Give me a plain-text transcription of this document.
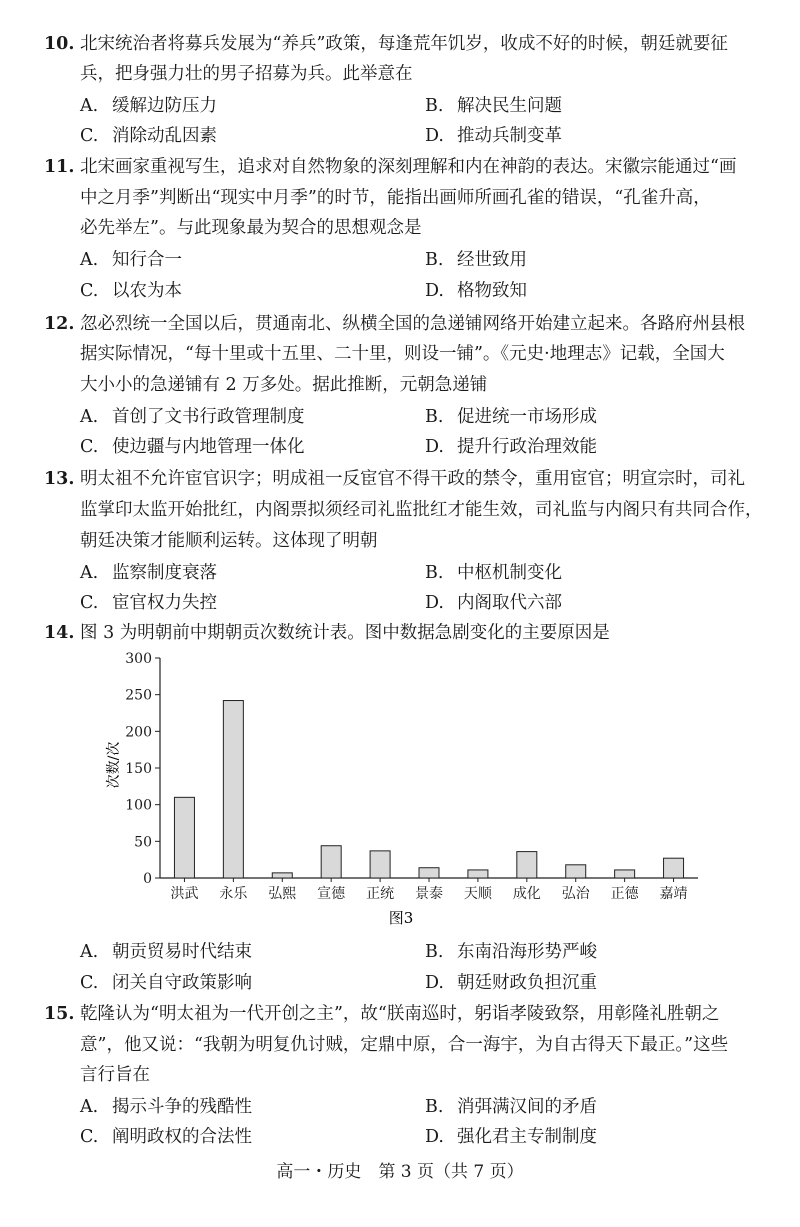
10. 北宋统治者将募兵发展为“养兵”政策，每逢荒年饥岁，收成不好的时候，朝廷就要征
兵，把身强力壮的男子招募为兵。此举意在
A. 缓解边防压力	B. 解决民生问题
C. 消除动乱因素	D. 推动兵制变革
11. 北宋画家重视写生，追求对自然物象的深刻理解和内在神韵的表达。宋徽宗能通过“画
中之月季”判断出“现实中月季”的时节，能指出画师所画孔雀的错误，“孔雀升高，
必先举左”。与此现象最为契合的思想观念是
A. 知行合一	B. 经世致用
C. 以农为本	D. 格物致知
12. 忽必烈统一全国以后，贯通南北、纵横全国的急递铺网络开始建立起来。各路府州县根
据实际情况，“每十里或十五里、二十里，则设一铺”。《元史·地理志》记载，全国大
大小小的急递铺有 2 万多处。据此推断，元朝急递铺
A. 首创了文书行政管理制度	B. 促进统一市场形成
C. 使边疆与内地管理一体化	D. 提升行政治理效能
13. 明太祖不允许宦官识字；明成祖一反宦官不得干政的禁令，重用宦官；明宣宗时，司礼
监掌印太监开始批红，内阁票拟须经司礼监批红才能生效，司礼监与内阁只有共同合作，
朝廷决策才能顺利运转。这体现了明朝
A. 监察制度衰落	B. 中枢机制变化
C. 宦官权力失控	D. 内阁取代六部
14. 图 3 为明朝前中期朝贡次数统计表。图中数据急剧变化的主要原因是
0
50
100
150
200
250
300
洪武 永乐 弘熙 宣德 正统 景泰 天顺 成化 弘治 正德 嘉靖
次数/次
图3
A. 朝贡贸易时代结束	B. 东南沿海形势严峻
C. 闭关自守政策影响	D. 朝廷财政负担沉重
15. 乾隆认为“明太祖为一代开创之主”，故“朕南巡时，躬诣孝陵致祭，用彰隆礼胜朝之
意”，他又说：“我朝为明复仇讨贼，定鼎中原，合一海宇，为自古得天下最正。”这些
言行旨在
A. 揭示斗争的残酷性	B. 消弭满汉间的矛盾
C. 阐明政权的合法性	D. 强化君主专制制度
高一・历史　第 3 页（共 7 页）
